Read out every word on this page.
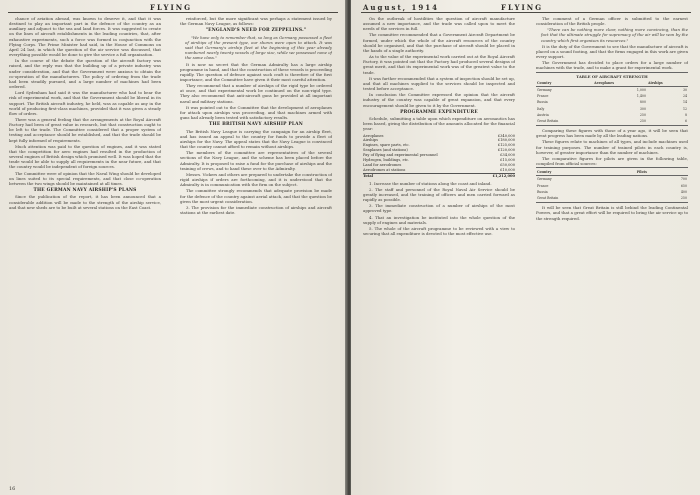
FLYING

chance of aviation abroad, was known to deserve it, and that it was destined to play an important part in the defence of the country as an auxiliary and adjunct to the sea and land forces. It was suggested to create on the lines of aircraft establishments in the leading countries, that, after exhaustive experiments, such a force was formed in conjunction with the Flying Corps. The Prime Minister had said, in the House of Commons on April 24 last, in which the question of the air service was discussed, that everything possible would be done to give the service a full organisation.

In the course of the debate the question of the aircraft factory was raised, and the reply was that the building up of a private industry was under consideration, and that the Government were anxious to obtain the co-operation of the manufacturers. The policy of ordering from the trade had been steadily pursued, and a large number of machines had been ordered.

Lord Sydenham had said it was the manufacturer who had to bear the risk of experimental work, and that the Government should be liberal in its support. The British aircraft industry, he held, was as capable as any in the world of producing first-class machines, provided that it was given a steady flow of orders.

There was a general feeling that the arrangements at the Royal Aircraft Factory had been of great value in research, but that construction ought to be left to the trade. The Committee considered that a proper system of testing and acceptance should be established, and that the trade should be kept fully informed of requirements.

Much attention was paid to the question of engines, and it was stated that the competition for aero engines had resulted in the production of several engines of British design which promised well. It was hoped that the trade would be able to supply all requirements in the near future, and that the country would be independent of foreign sources.

The Committee were of opinion that the Naval Wing should be developed on lines suited to its special requirements, and that close co-operation between the two wings should be maintained at all times.

THE GERMAN NAVY AIRSHIP'S PLANS

Since the publication of the report, it has been announced that a considerable addition will be made to the strength of the airship service, and that new sheds are to be built at several stations on the East Coast.

reinforced, but the more significant was perhaps a statement issued by the German Navy League, as follows:

"ENGLAND'S NEED FOR ZEPPELINS."

"We have only to remember that, so long as Germany possessed a fleet of airships of the present type, our shores were open to attack. It was said that Germany's airship fleet at the beginning of this year already numbered nearly twenty vessels of large size, while we possessed none of the same class."

It is now no secret that the German Admiralty has a large airship programme in hand, and that the construction of these vessels is proceeding rapidly. The question of defence against such craft is therefore of the first importance, and the Committee have given it their most careful attention.

They recommend that a number of airships of the rigid type be ordered at once, and that experimental work be continued on the non-rigid type. They also recommend that anti-aircraft guns be provided at all important naval and military stations.

It was pointed out to the Committee that the development of aeroplanes for attack upon airships was proceeding, and that machines armed with guns had already been tested with satisfactory results.

THE BRITISH NAVY AIRSHIP PLAN

The British Navy League is carrying the campaign for an airship fleet, and has issued an appeal to the country for funds to provide a fleet of airships for the Navy. The appeal states that the Navy League is convinced that the country cannot afford to remain without airships.

The members of the committee are representatives of the several sections of the Navy League, and the scheme has been placed before the Admiralty. It is proposed to raise a fund for the purchase of airships and the training of crews, and to hand these over to the Admiralty.

Messrs. Vickers and others are prepared to undertake the construction of rigid airships if orders are forthcoming, and it is understood that the Admiralty is in communication with the firm on the subject.

The committee strongly recommends that adequate provision be made for the defence of the country against aerial attack, and that the question be given the most urgent consideration.

3. The provision for the immediate construction of airships and aircraft stations at the earliest date.

16
August, 1914	FLYING

On the outbreak of hostilities the question of aircraft manufacture assumed a new importance, and the trade was called upon to meet the needs of the services in full.

The committee recommended that a Government Aircraft Department be formed, under which the whole of the aircraft resources of the country should be organised, and that the purchase of aircraft should be placed in the hands of a single authority.

As to the value of the experimental work carried out at the Royal Aircraft Factory, it was pointed out that the Factory had produced several designs of great merit, and that its experimental work was of the greatest value to the trade.

It was further recommended that a system of inspection should be set up, and that all machines supplied to the services should be inspected and tested before acceptance.

In conclusion the Committee expressed the opinion that the aircraft industry of the country was capable of great expansion, and that every encouragement should be given to it by the Government.

PROGRAMME EXPENDITURE

Schedule, submitting a table upon which expenditure on aeronautics has been based, giving the distribution of the amounts allocated for the financial year:

Aeroplanes	£340,000
Airships	£180,000
Engines, spare parts, etc.	£125,000
Seaplanes (and stations)	£120,000
Pay of flying and experimental personnel	£34,000
Hydrogen, buildings, etc.	£15,000
Land for aerodromes	£50,000
Aerodromes at stations	£10,000
Total	£1,212,000

1. Increase the number of stations along the coast and inland.

2. The staff and personnel of the Royal Naval Air Service should be greatly increased, and the training of officers and men carried forward as rapidly as possible.

3. The immediate construction of a number of airships of the most approved type.

4. That an investigation be instituted into the whole question of the supply of engines and materials.

5. The whole of the aircraft programme to be reviewed with a view to securing that all expenditure is devoted to the most effective use.

The comment of a German officer is submitted to the earnest consideration of the British people.

"There can be nothing more clear, nothing more convincing, than the fact that the ultimate struggle for supremacy of the air will be won by the country which first organises its resources."

It is the duty of the Government to see that the manufacture of aircraft is placed on a sound footing, and that the firms engaged in this work are given every support.

The Government has decided to place orders for a large number of machines with the trade, and to make a grant for experimental work.

TABLE OF AIRCRAFT STRENGTH
Country	Aeroplanes	Airships
Germany	1,000	30
France	1,400	24
Russia	800	14
Italy	300	12
Austria	250	8
Great Britain	250	6

Comparing these figures with those of a year ago, it will be seen that great progress has been made by all the leading nations.

These figures relate to machines of all types, and include machines used for training purposes. The number of trained pilots in each country is, however, of greater importance than the number of machines.

The comparative figures for pilots are given in the following table, compiled from official sources:

Country	Pilots
Germany	700
France	650
Russia	400
Great Britain	250

It will be seen that Great Britain is still behind the leading Continental Powers, and that a great effort will be required to bring the air service up to the strength required.
